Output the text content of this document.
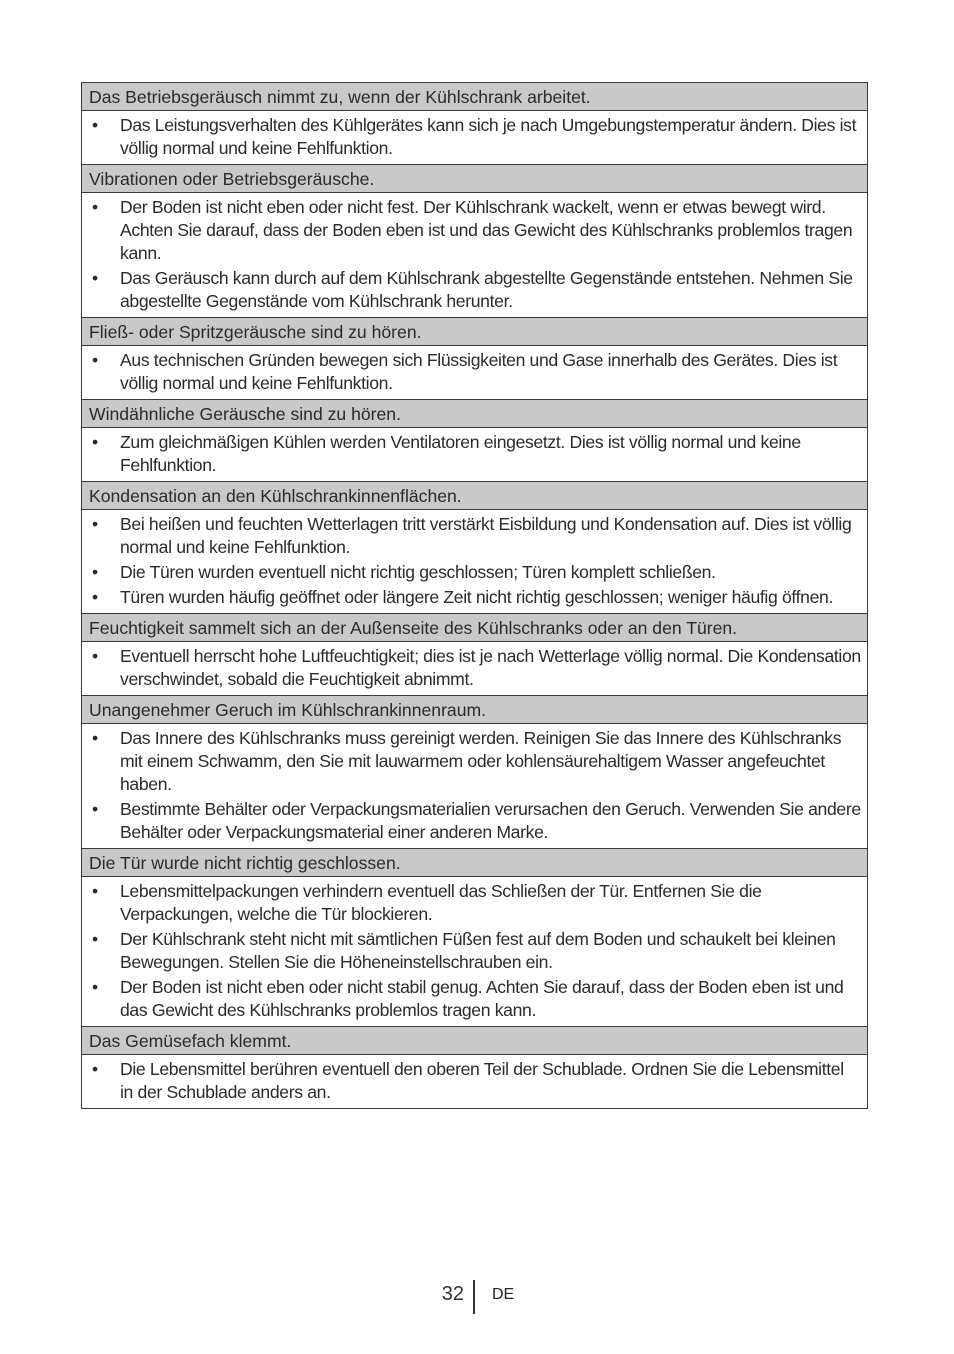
Das Betriebsgeräusch nimmt zu, wenn der Kühlschrank arbeitet.
•	Das Leistungsverhalten des Kühlgerätes kann sich je nach Umgebungstemperatur ändern. Dies ist völlig normal und keine Fehlfunktion.
Vibrationen oder Betriebsgeräusche.
•	Der Boden ist nicht eben oder nicht fest. Der Kühlschrank wackelt, wenn er etwas bewegt wird. Achten Sie darauf, dass der Boden eben ist und das Gewicht des Kühlschranks problemlos tragen kann.
•	Das Geräusch kann durch auf dem Kühlschrank abgestellte Gegenstände entstehen. Nehmen Sie abgestellte Gegenstände vom Kühlschrank herunter.
Fließ- oder Spritzgeräusche sind zu hören.
•	Aus technischen Gründen bewegen sich Flüssigkeiten und Gase innerhalb des Gerätes. Dies ist völlig normal und keine Fehlfunktion.
Windähnliche Geräusche sind zu hören.
•	Zum gleichmäßigen Kühlen werden Ventilatoren eingesetzt. Dies ist völlig normal und keine Fehlfunktion.
Kondensation an den Kühlschrankinnenflächen.
•	Bei heißen und feuchten Wetterlagen tritt verstärkt Eisbildung und Kondensation auf. Dies ist völlig normal und keine Fehlfunktion.
•	Die Türen wurden eventuell nicht richtig geschlossen; Türen komplett schließen.
•	Türen wurden häufig geöffnet oder längere Zeit nicht richtig geschlossen; weniger häufig öffnen.
Feuchtigkeit sammelt sich an der Außenseite des Kühlschranks oder an den Türen.
•	Eventuell herrscht hohe Luftfeuchtigkeit; dies ist je nach Wetterlage völlig normal. Die Kondensation verschwindet, sobald die Feuchtigkeit abnimmt.
Unangenehmer Geruch im Kühlschrankinnenraum.
•	Das Innere des Kühlschranks muss gereinigt werden. Reinigen Sie das Innere des Kühlschranks mit einem Schwamm, den Sie mit lauwarmem oder kohlensäurehaltigem Wasser angefeuchtet haben.
•	Bestimmte Behälter oder Verpackungsmaterialien verursachen den Geruch. Verwenden Sie andere Behälter oder Verpackungsmaterial einer anderen Marke.
Die Tür wurde nicht richtig geschlossen.
•	Lebensmittelpackungen verhindern eventuell das Schließen der Tür. Entfernen Sie die Verpackungen, welche die Tür blockieren.
•	Der Kühlschrank steht nicht mit sämtlichen Füßen fest auf dem Boden und schaukelt bei kleinen Bewegungen. Stellen Sie die Höheneinstellschrauben ein.
•	Der Boden ist nicht eben oder nicht stabil genug. Achten Sie darauf, dass der Boden eben ist und das Gewicht des Kühlschranks problemlos tragen kann.
Das Gemüsefach klemmt.
•	Die Lebensmittel berühren eventuell den oberen Teil der Schublade. Ordnen Sie die Lebensmittel in der Schublade anders an.
32 DE
